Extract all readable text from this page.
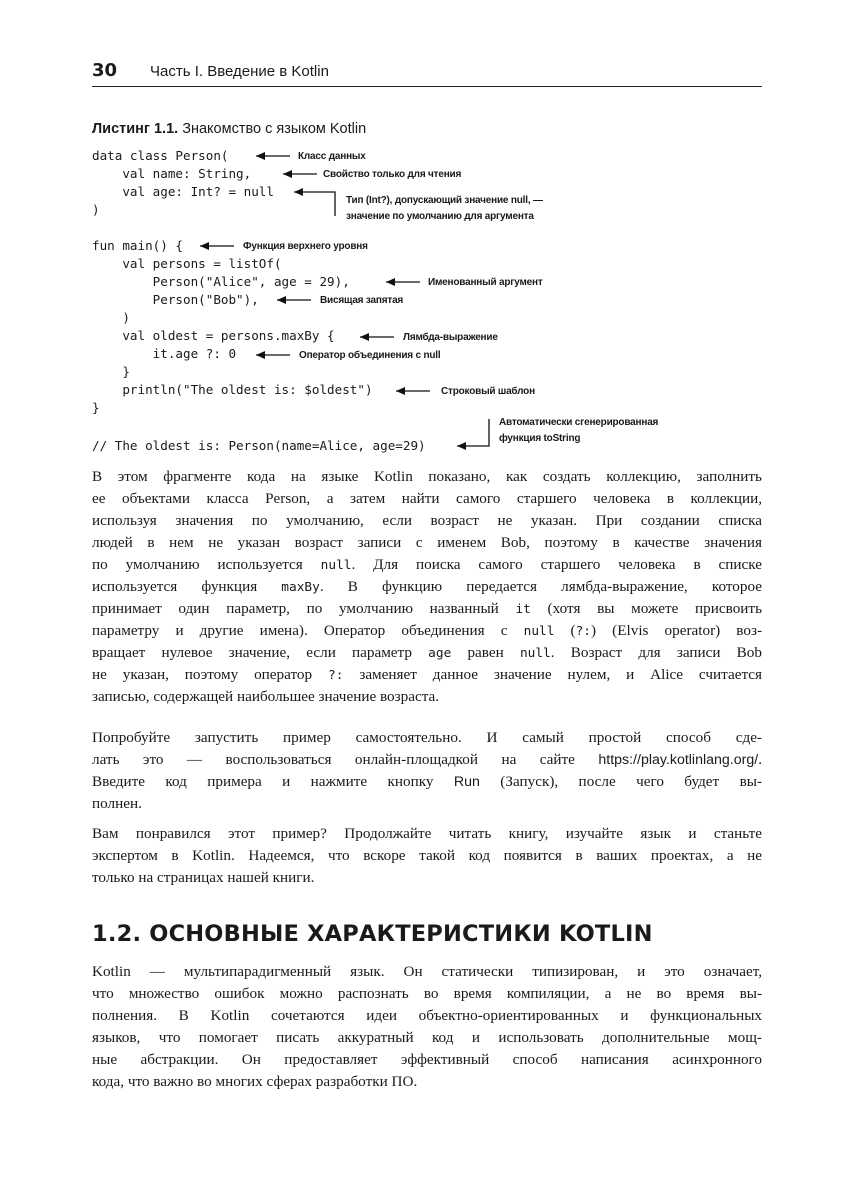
30 Часть I. Введение в Kotlin
Листинг 1.1. Знакомство с языком Kotlin
data class Person(
val name: String,
val age: Int? = null
)
fun main() {
val persons = listOf(
Person("Alice", age = 29),
Person("Bob"),
)
val oldest = persons.maxBy {
it.age ?: 0
}
println("The oldest is: $oldest")
}
// The oldest is: Person(name=Alice, age=29)
Класс данных
Свойство только для чтения
Тип (Int?), допускающий значение null, —
значение по умолчанию для аргумента
Функция верхнего уровня
Именованный аргумент
Висящая запятая
Лямбда-выражение
Оператор объединения с null
Строковый шаблон
Автоматически сгенерированная
функция toString
В этом фрагменте кода на языке Kotlin показано, как создать коллекцию, заполнить
ее объектами класса Person, а затем найти самого старшего человека в коллекции,
используя значения по умолчанию, если возраст не указан. При создании списка
людей в нем не указан возраст записи с именем Bob, поэтому в качестве значения
по умолчанию используется null. Для поиска самого старшего человека в списке
используется функция maxBy. В функцию передается лямбда-выражение, которое
принимает один параметр, по умолчанию названный it (хотя вы можете присвоить
параметру и другие имена). Оператор объединения с null (?:) (Elvis operator) воз-
вращает нулевое значение, если параметр age равен null. Возраст для записи Bob
не указан, поэтому оператор ?: заменяет данное значение нулем, и Alice считается
записью, содержащей наибольшее значение возраста.
Попробуйте запустить пример самостоятельно. И самый простой способ сде-
лать это — воспользоваться онлайн-площадкой на сайте https://play.kotlinlang.org/.
Введите код примера и нажмите кнопку Run (Запуск), после чего будет вы-
полнен.
Вам понравился этот пример? Продолжайте читать книгу, изучайте язык и станьте
экспертом в Kotlin. Надеемся, что вскоре такой код появится в ваших проектах, а не
только на страницах нашей книги.
1.2. ОСНОВНЫЕ ХАРАКТЕРИСТИКИ KOTLIN
Kotlin — мультипарадигменный язык. Он статически типизирован, и это означает,
что множество ошибок можно распознать во время компиляции, а не во время вы-
полнения. В Kotlin сочетаются идеи объектно-ориентированных и функциональных
языков, что помогает писать аккуратный код и использовать дополнительные мощ-
ные абстракции. Он предоставляет эффективный способ написания асинхронного
кода, что важно во многих сферах разработки ПО.
